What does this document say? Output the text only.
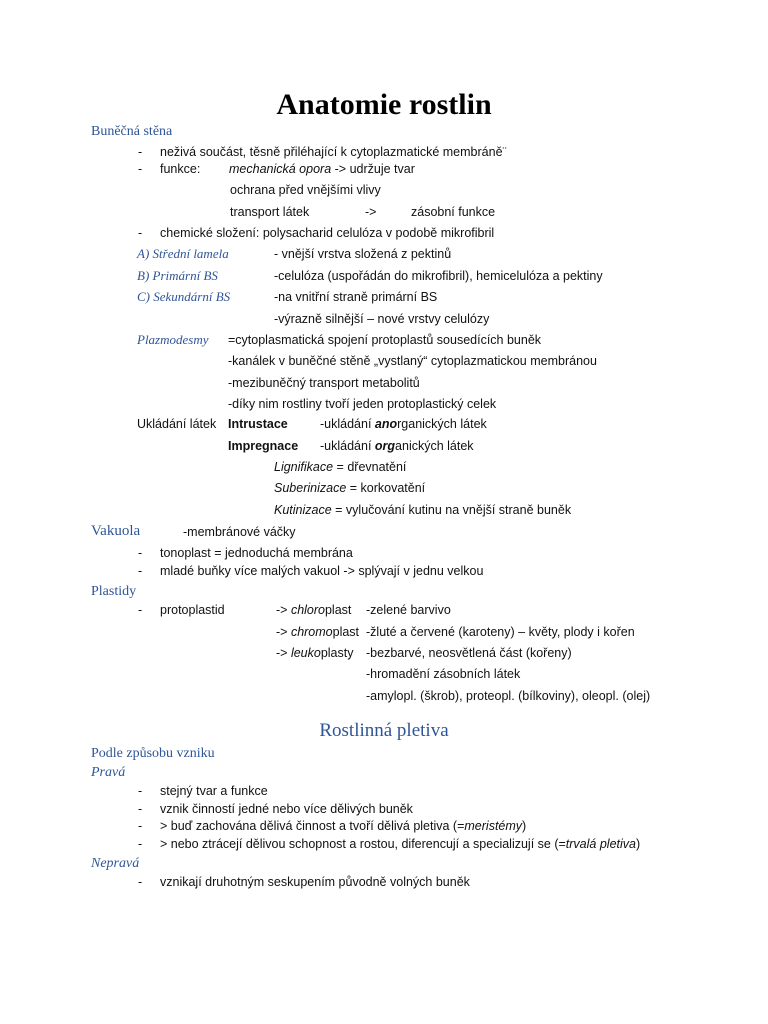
Anatomie rostlin
Buněčná stěna
- neživá součást, těsně přiléhající k cytoplazmatické membráně¨
- funkce: mechanická opora -> udržuje tvar
ochrana před vnějšími vlivy
transport látek	->	zásobní funkce
- chemické složení: polysacharid celulóza v podobě mikrofibril
A) Střední lamela	- vnější vrstva složená z pektinů
B) Primární BS	-celulóza (uspořádán do mikrofibril), hemicelulóza a pektiny
C) Sekundární BS	-na vnitřní straně primární BS
-výrazně silnější – nové vrstvy celulózy
Plazmodesmy =cytoplasmatická spojení protoplastů sousedících buněk
-kanálek v buněčné stěně „vystlaný“ cytoplazmatickou membránou
-mezibuněčný transport metabolitů
-díky nim rostliny tvoří jeden protoplastický celek
Ukládání látek Intrustace	-ukládání anorganických látek
Impregnace -ukládání organických látek
Lignifikace = dřevnatění
Suberinizace = korkovatění
Kutinizace = vylučování kutinu na vnější straně buněk
Vakuola	-membránové váčky
- tonoplast = jednoduchá membrána
- mladé buňky více malých vakuol -> splývají v jednu velkou
Plastidy
- protoplastid	-> chloroplast -zelené barvivo
-> chromoplast -žluté a červené (karoteny) – květy, plody i kořen
-> leukoplasty -bezbarvé, neosvětlená část (kořeny)
-hromadění zásobních látek
-amylopl. (škrob), proteopl. (bílkoviny), oleopl. (olej)
Rostlinná pletiva
Podle způsobu vzniku
Pravá
- stejný tvar a funkce
- vznik činností jedné nebo více dělivých buněk
- > buď zachována dělivá činnost a tvoří dělivá pletiva (=meristémy)
- > nebo ztrácejí dělivou schopnost a rostou, diferencují a specializují se (=trvalá pletiva)
Nepravá
- vznikají druhotným seskupením původně volných buněk
